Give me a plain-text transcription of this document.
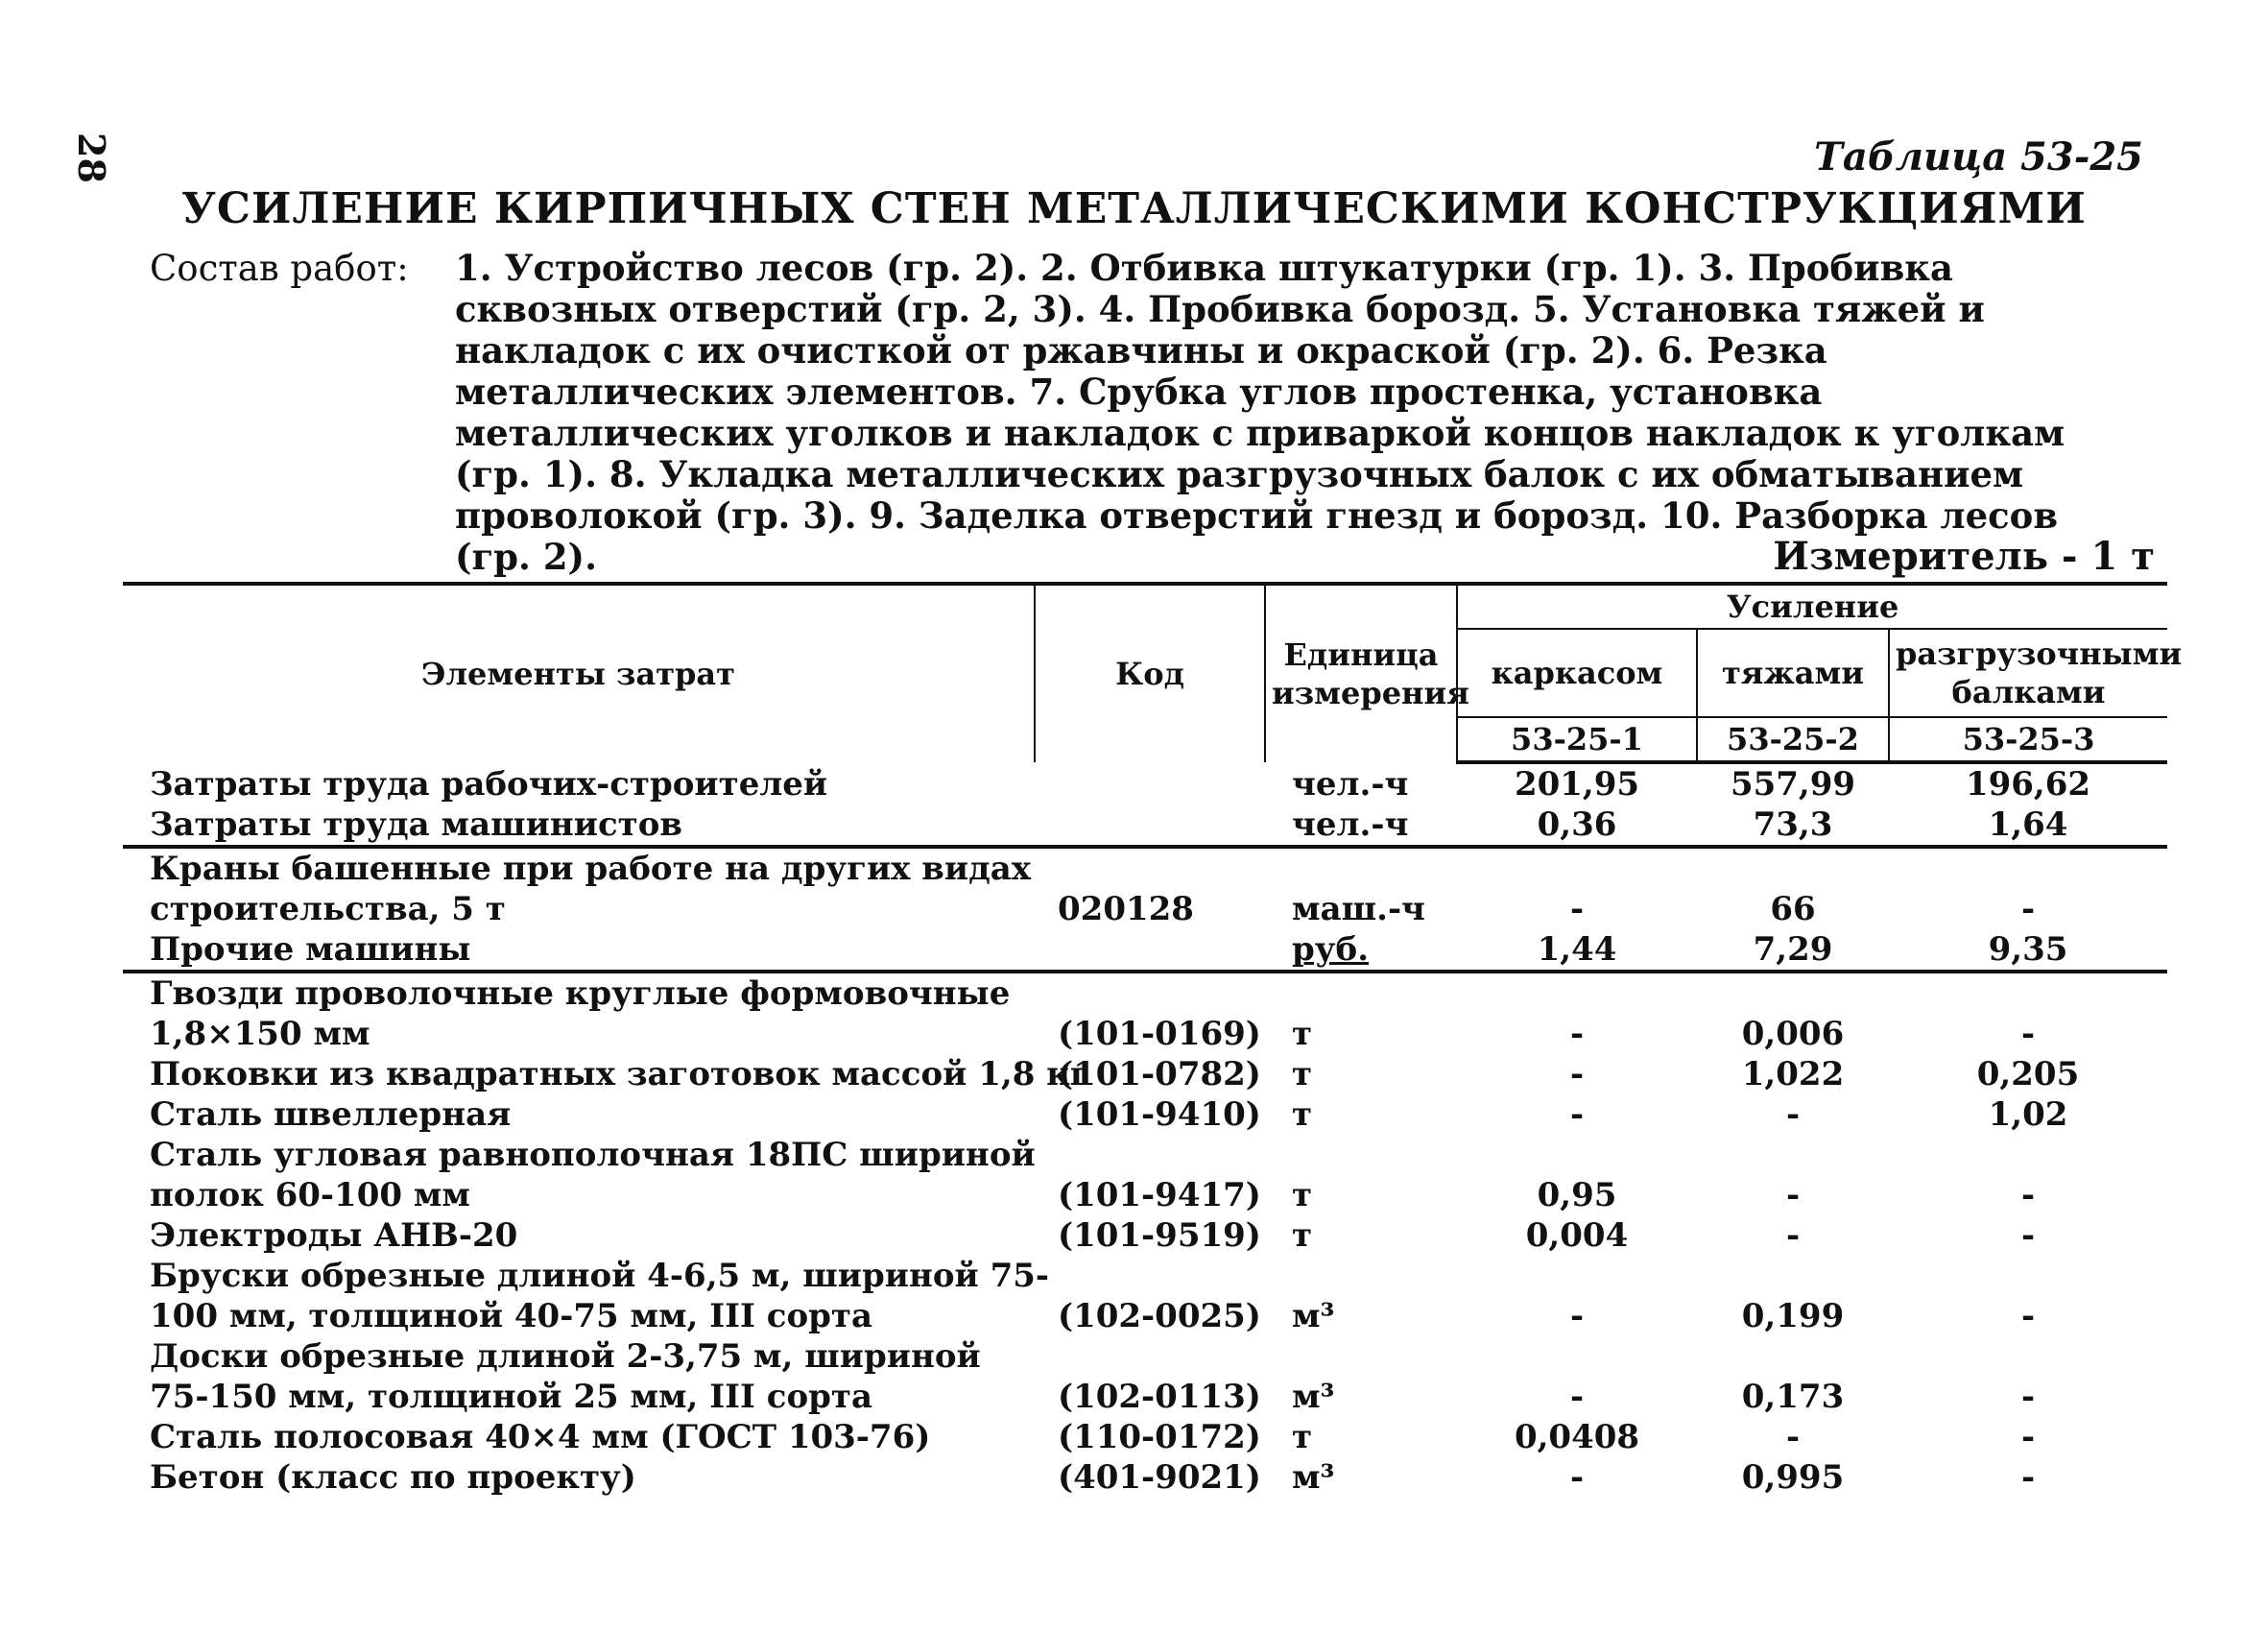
28	Таблица 53-25
УСИЛЕНИЕ КИРПИЧНЫХ СТЕН МЕТАЛЛИЧЕСКИМИ КОНСТРУКЦИЯМИ
Состав работ: 1. Устройство лесов (гр. 2). 2. Отбивка штукатурки (гр. 1). 3. Пробивка сквозных отверстий (гр. 2, 3). 4. Пробивка борозд. 5. Установка тяжей и накладок с их очисткой от ржавчины и окраской (гр. 2). 6. Резка металлических элементов. 7. Срубка углов простенка, установка металлических уголков и накладок с приваркой концов накладок к уголкам (гр. 1). 8. Укладка металлических разгрузочных балок с их обматыванием проволокой (гр. 3). 9. Заделка отверстий гнезд и борозд. 10. Разборка лесов (гр. 2).	Измеритель - 1 т
Элементы затрат	Код	Единица измерения	Усиление		
			каркасом	тяжами	разгрузочными балками
			53-25-1	53-25-2	53-25-3
Затраты труда рабочих-строителей		чел.-ч	201,95	557,99	196,62
Затраты труда машинистов		чел.-ч	0,36	73,3	1,64
Краны башенные при работе на других видах					
строительства, 5 т	020128	маш.-ч	-	66	-
Прочие машины		руб.	1,44	7,29	9,35
Гвозди проволочные круглые формовочные					
1,8×150 мм	(101-0169)	т	-	0,006	-
Поковки из квадратных заготовок массой 1,8 кг	(101-0782)	т	-	1,022	0,205
Сталь швеллерная	(101-9410)	т	-	-	1,02
Сталь угловая равнополочная 18ПС шириной					
полок 60-100 мм	(101-9417)	т	0,95	-	-
Электроды АНВ-20	(101-9519)	т	0,004	-	-
Бруски обрезные длиной 4-6,5 м, шириной 75-					
100 мм, толщиной 40-75 мм, III сорта	(102-0025)	м³	-	0,199	-
Доски обрезные длиной 2-3,75 м, шириной					
75-150 мм, толщиной 25 мм, III сорта	(102-0113)	м³	-	0,173	-
Сталь полосовая 40×4 мм (ГОСТ 103-76)	(110-0172)	т	0,0408	-	-
Бетон (класс по проекту)	(401-9021)	м³	-	0,995	-
